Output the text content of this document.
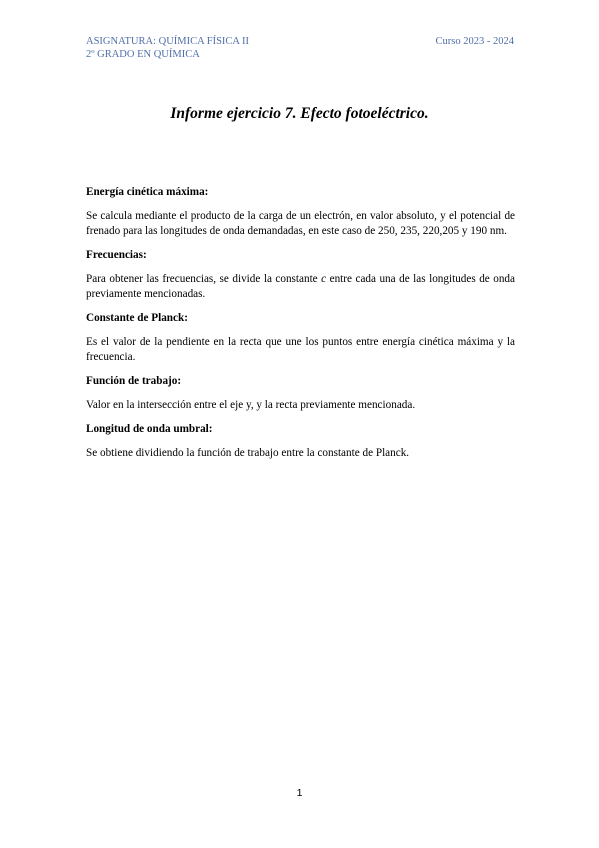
ASIGNATURA: QUÍMICA FÍSICA II	Curso 2023 - 2024
2º GRADO EN QUÍMICA
Informe ejercicio 7. Efecto fotoeléctrico.

Energía cinética máxima:

Se calcula mediante el producto de la carga de un electrón, en valor absoluto, y el potencial de frenado para las longitudes de onda demandadas, en este caso de 250, 235, 220,205 y 190 nm.

Frecuencias:

Para obtener las frecuencias, se divide la constante c entre cada una de las longitudes de onda previamente mencionadas.

Constante de Planck:

Es el valor de la pendiente en la recta que une los puntos entre energía cinética máxima y la frecuencia.

Función de trabajo:

Valor en la intersección entre el eje y, y la recta previamente mencionada.

Longitud de onda umbral:

Se obtiene dividiendo la función de trabajo entre la constante de Planck.

1
